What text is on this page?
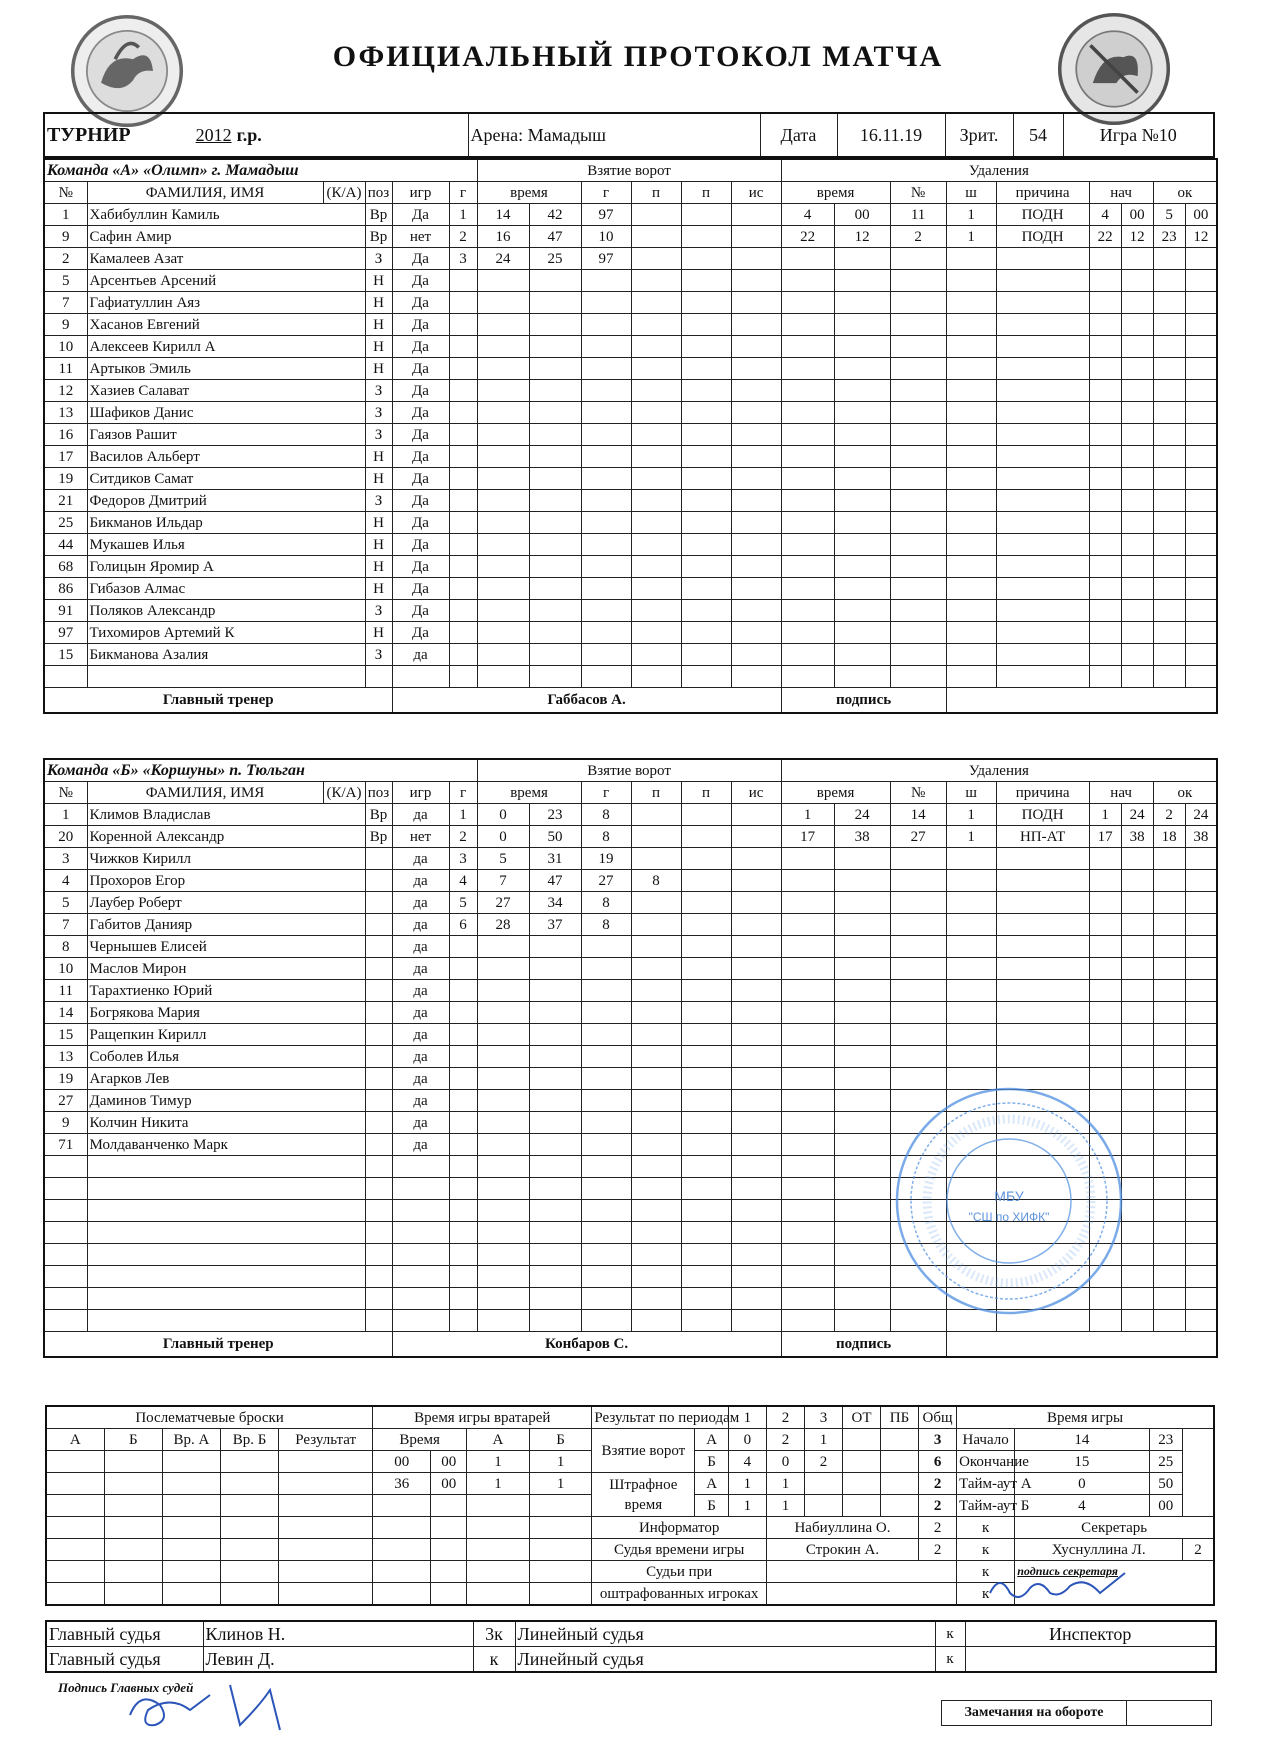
ОФИЦИАЛЬНЫЙ ПРОТОКОЛ МАТЧА
ТУРНИР	2012 г.р.	Арена: Мамадыш	Дата	16.11.19	Зрит.	54	Игра №10
Команда «А» «Олимп» г. Мамадыш						Взятие ворот						Удаления								
№	ФАМИЛИЯ, ИМЯ	(К/А)	поз	игр	г	время		г	п	п	ис	время		№	ш	причина	нач		ок	
1	Хабибуллин Камиль		Вр	Да	1	14	42	97				4	00	11	1	ПОДН	4	00	5	00
9	Сафин Амир		Вр	нет	2	16	47	10				22	12	2	1	ПОДН	22	12	23	12
2	Камалеев Азат		З	Да	3	24	25	97												
5	Арсентьев Арсений		Н	Да																
7	Гафиатуллин Аяз		Н	Да																
9	Хасанов Евгений		Н	Да																
10	Алексеев Кирилл А		Н	Да																
11	Артыков Эмиль		Н	Да																
12	Хазиев Салават		З	Да																
13	Шафиков Данис		З	Да																
16	Гаязов Рашит		З	Да																
17	Василов Альберт		Н	Да																
19	Ситдиков Самат		Н	Да																
21	Федоров Дмитрий		З	Да																
25	Бикманов Ильдар		Н	Да																
44	Мукашев Илья		Н	Да																
68	Голицын Яромир А		Н	Да																
86	Гибазов Алмас		Н	Да																
91	Поляков Александр		З	Да																
97	Тихомиров Артемий К		Н	Да																
15	Бикманова Азалия		З	да																

Главный тренер				Габбасов А.								подпись								
Команда «Б» «Коршуны» п. Тюльган						Взятие ворот						Удаления								
№	ФАМИЛИЯ, ИМЯ	(К/А)	поз	игр	г	время		г	п	п	ис	время		№	ш	причина	нач		ок	
1	Климов Владислав		Вр	да	1	0	23	8				1	24	14	1	ПОДН	1	24	2	24
20	Коренной Александр		Вр	нет	2	0	50	8				17	38	27	1	НП-АТ	17	38	18	38
3	Чижков Кирилл			да	3	5	31	19												
4	Прохоров Егор			да	4	7	47	27	8											
5	Лаубер Роберт			да	5	27	34	8												
7	Габитов Данияр			да	6	28	37	8												
8	Чернышев Елисей			да																
10	Маслов Мирон			да																
11	Тарахтиенко Юрий			да																
14	Богрякова Мария			да																
15	Ращепкин Кирилл			да																
13	Соболев Илья			да																
19	Агарков Лев			да																
27	Даминов Тимур			да																
9	Колчин Никита			да																
71	Молдаванченко Марк			да																

Главный тренер				Конбаров С.								подпись								
МБУ
"СШ по ХИФК"
Послематчевые броски					Время игры вратарей				Результат по периодам		1	2	3	ОТ	ПБ	Общ	Время игры			
А	Б	Вр. А	Вр. Б	Результат	Время		А	Б	Взятие ворот	А	0	2	1			3	Начало	14	23	
					00	00	1	1		Б	4	0	2			6	Окончание	15	25	
					36	00	1	1	Штрафное время	А	1	1				2	Тайм-аут А	0	50	
										Б	1	1				2	Тайм-аут Б	4	00	
									Информатор			Набиуллина О.				2	к	Секретарь		
									Судья времени игры			Строкин А.				2	к	Хуснуллина Л.		2
									Судьи при								к	подпись секретаря		
									оштрафованных игроках								к			
Главный судья	Клинов Н.	3к	Линейный судья	к	Инспектор
Главный судья	Левин Д.	к	Линейный судья	к	
Подпись Главных судей
Замечания на обороте	
